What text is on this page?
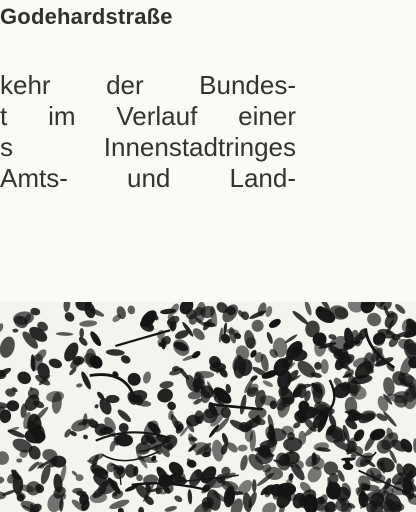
Godehardstraße
kehr der Bundes-
t im Verlauf einer
s Innenstadtringes
Amts- und Land-
